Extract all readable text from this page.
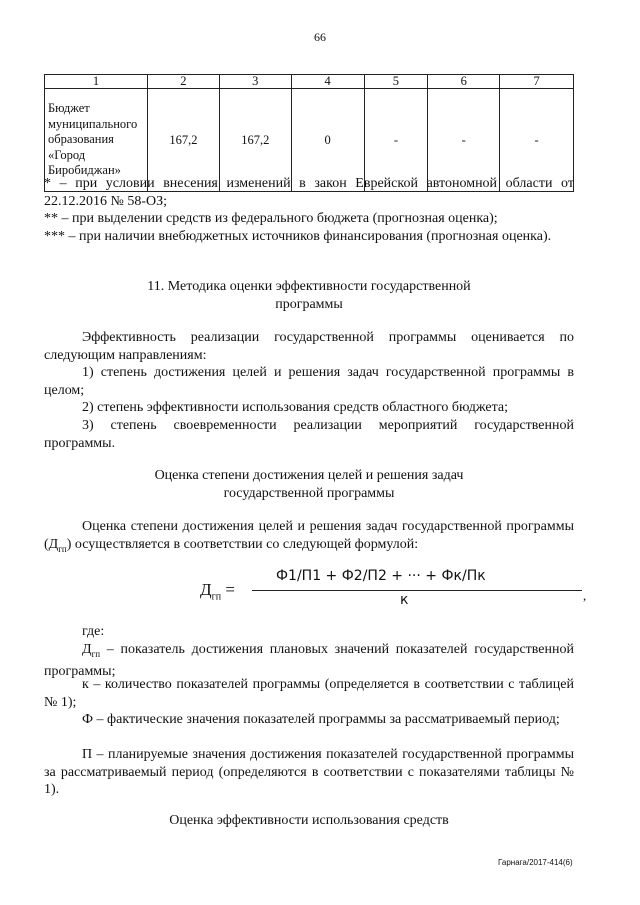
66
1	2	3	4	5	6	7
Бюджет муниципального образования «Город Биробиджан»	167,2	167,2	0	-	-	-
* – при условии внесения изменений в закон Еврейской автономной области от 22.12.2016 № 58-ОЗ;
** – при выделении средств из федерального бюджета (прогнозная оценка);
*** – при наличии внебюджетных источников финансирования (прогнозная оценка).
11. Методика оценки эффективности государственной
программы
Эффективность реализации государственной программы оценивается по следующим направлениям:
1) степень достижения целей и решения задач государственной программы в целом;
2) степень эффективности использования средств областного бюджета;
3) степень своевременности реализации мероприятий государственной программы.
Оценка степени достижения целей и решения задач
государственной программы
Оценка степени достижения целей и решения задач государственной программы $(Д_{гп})$ осуществляется в соответствии со следующей формулой:
$Д_{гп}$ =
Ф1/П1 + Ф2/П2 + ··· + Фк/Пк
к	,
где:
$Д_{гп}$ – показатель достижения плановых значений показателей государственной программы;
к – количество показателей программы (определяется в соответствии с таблицей № 1);
Ф – фактические значения показателей программы за рассматриваемый период;
П – планируемые значения достижения показателей государственной программы за рассматриваемый период (определяются в соответствии с показателями таблицы № 1).
Оценка эффективности использования средств
Гарнага/2017-414(6)
